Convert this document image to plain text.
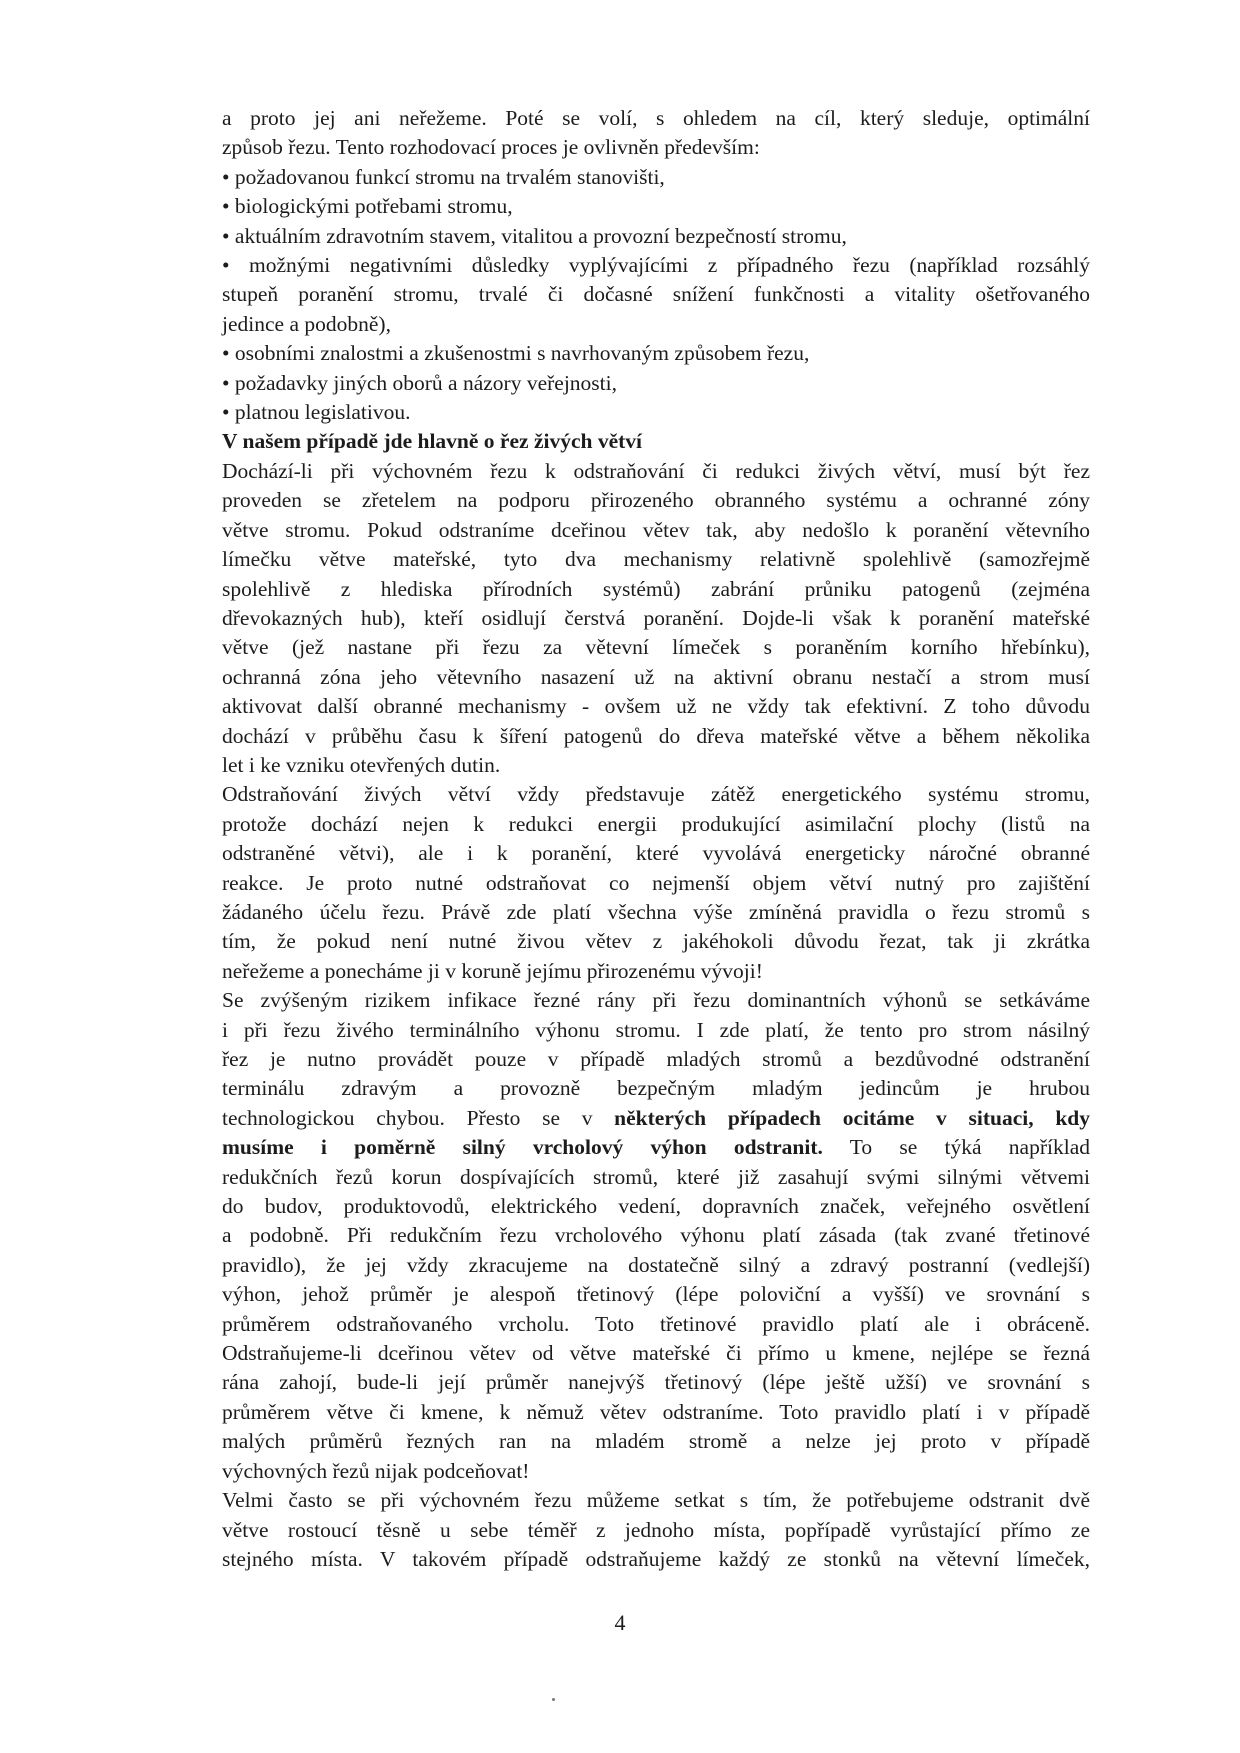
a proto jej ani neřežeme. Poté se volí, s ohledem na cíl, který sleduje, optimální
způsob řezu. Tento rozhodovací proces je ovlivněn především:
• požadovanou funkcí stromu na trvalém stanovišti,
• biologickými potřebami stromu,
• aktuálním zdravotním stavem, vitalitou a provozní bezpečností stromu,
• možnými negativními důsledky vyplývajícími z případného řezu (například rozsáhlý
stupeň poranění stromu, trvalé či dočasné snížení funkčnosti a vitality ošetřovaného
jedince a podobně),
• osobními znalostmi a zkušenostmi s navrhovaným způsobem řezu,
• požadavky jiných oborů a názory veřejnosti,
• platnou legislativou.
V našem případě jde hlavně o řez živých větví
Dochází-li při výchovném řezu k odstraňování či redukci živých větví, musí být řez
proveden se zřetelem na podporu přirozeného obranného systému a ochranné zóny
větve stromu. Pokud odstraníme dceřinou větev tak, aby nedošlo k poranění větevního
límečku větve mateřské, tyto dva mechanismy relativně spolehlivě (samozřejmě
spolehlivě z hlediska přírodních systémů) zabrání průniku patogenů (zejména
dřevokazných hub), kteří osidlují čerstvá poranění. Dojde-li však k poranění mateřské
větve (jež nastane při řezu za větevní límeček s poraněním korního hřebínku),
ochranná zóna jeho větevního nasazení už na aktivní obranu nestačí a strom musí
aktivovat další obranné mechanismy - ovšem už ne vždy tak efektivní. Z toho důvodu
dochází v průběhu času k šíření patogenů do dřeva mateřské větve a během několika
let i ke vzniku otevřených dutin.
Odstraňování živých větví vždy představuje zátěž energetického systému stromu,
protože dochází nejen k redukci energii produkující asimilační plochy (listů na
odstraněné větvi), ale i k poranění, které vyvolává energeticky náročné obranné
reakce. Je proto nutné odstraňovat co nejmenší objem větví nutný pro zajištění
žádaného účelu řezu. Právě zde platí všechna výše zmíněná pravidla o řezu stromů s
tím, že pokud není nutné živou větev z jakéhokoli důvodu řezat, tak ji zkrátka
neřežeme a ponecháme ji v koruně jejímu přirozenému vývoji!
Se zvýšeným rizikem infikace řezné rány při řezu dominantních výhonů se setkáváme
i při řezu živého terminálního výhonu stromu. I zde platí, že tento pro strom násilný
řez je nutno provádět pouze v případě mladých stromů a bezdůvodné odstranění
terminálu zdravým a provozně bezpečným mladým jedincům je hrubou
technologickou chybou. Přesto se v některých případech ocitáme v situaci, kdy
musíme i poměrně silný vrcholový výhon odstranit. To se týká například
redukčních řezů korun dospívajících stromů, které již zasahují svými silnými větvemi
do budov, produktovodů, elektrického vedení, dopravních značek, veřejného osvětlení
a podobně. Při redukčním řezu vrcholového výhonu platí zásada (tak zvané třetinové
pravidlo), že jej vždy zkracujeme na dostatečně silný a zdravý postranní (vedlejší)
výhon, jehož průměr je alespoň třetinový (lépe poloviční a vyšší) ve srovnání s
průměrem odstraňovaného vrcholu. Toto třetinové pravidlo platí ale i obráceně.
Odstraňujeme-li dceřinou větev od větve mateřské či přímo u kmene, nejlépe se řezná
rána zahojí, bude-li její průměr nanejvýš třetinový (lépe ještě užší) ve srovnání s
průměrem větve či kmene, k němuž větev odstraníme. Toto pravidlo platí i v případě
malých průměrů řezných ran na mladém stromě a nelze jej proto v případě
výchovných řezů nijak podceňovat!
Velmi často se při výchovném řezu můžeme setkat s tím, že potřebujeme odstranit dvě
větve rostoucí těsně u sebe téměř z jednoho místa, popřípadě vyrůstající přímo ze
stejného místa. V takovém případě odstraňujeme každý ze stonků na větevní límeček,
4
